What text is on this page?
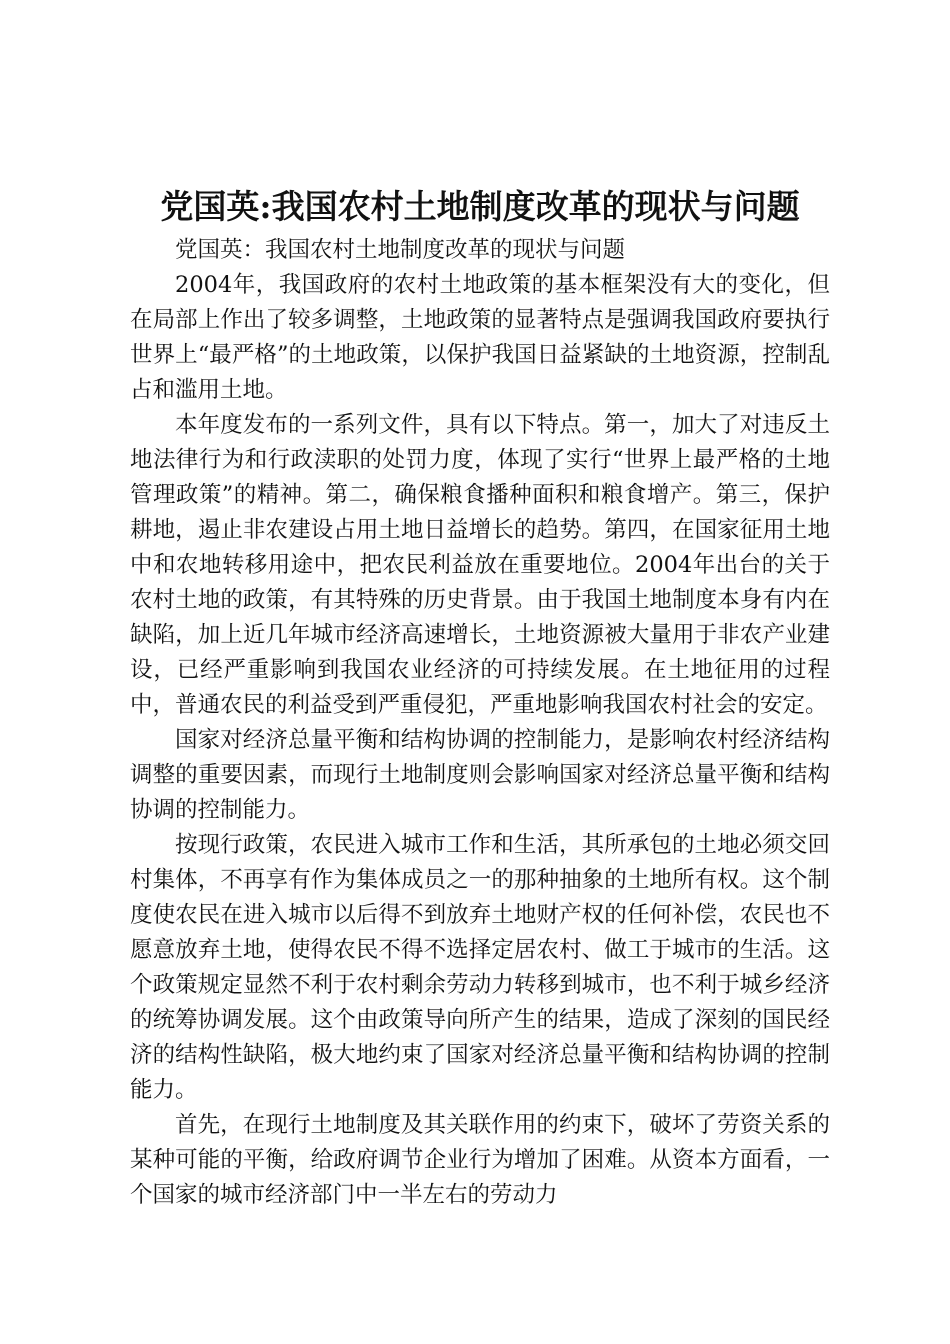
党国英:我国农村土地制度改革的现状与问题

党国英：我国农村土地制度改革的现状与问题

2004年，我国政府的农村土地政策的基本框架没有大的变化，但在局部上作出了较多调整，土地政策的显著特点是强调我国政府要执行世界上“最严格”的土地政策，以保护我国日益紧缺的土地资源，控制乱占和滥用土地。

本年度发布的一系列文件，具有以下特点。第一，加大了对违反土地法律行为和行政渎职的处罚力度，体现了实行“世界上最严格的土地管理政策”的精神。第二，确保粮食播种面积和粮食增产。第三，保护耕地，遏止非农建设占用土地日益增长的趋势。第四，在国家征用土地中和农地转移用途中，把农民利益放在重要地位。2004年出台的关于农村土地的政策，有其特殊的历史背景。由于我国土地制度本身有内在缺陷，加上近几年城市经济高速增长，土地资源被大量用于非农产业建设，已经严重影响到我国农业经济的可持续发展。在土地征用的过程中，普通农民的利益受到严重侵犯，严重地影响我国农村社会的安定。

国家对经济总量平衡和结构协调的控制能力，是影响农村经济结构调整的重要因素，而现行土地制度则会影响国家对经济总量平衡和结构协调的控制能力。

按现行政策，农民进入城市工作和生活，其所承包的土地必须交回村集体，不再享有作为集体成员之一的那种抽象的土地所有权。这个制度使农民在进入城市以后得不到放弃土地财产权的任何补偿，农民也不愿意放弃土地，使得农民不得不选择定居农村、做工于城市的生活。这个政策规定显然不利于农村剩余劳动力转移到城市，也不利于城乡经济的统筹协调发展。这个由政策导向所产生的结果，造成了深刻的国民经济的结构性缺陷，极大地约束了国家对经济总量平衡和结构协调的控制能力。

首先，在现行土地制度及其关联作用的约束下，破坏了劳资关系的某种可能的平衡，给政府调节企业行为增加了困难。从资本方面看，一个国家的城市经济部门中一半左右的劳动力
